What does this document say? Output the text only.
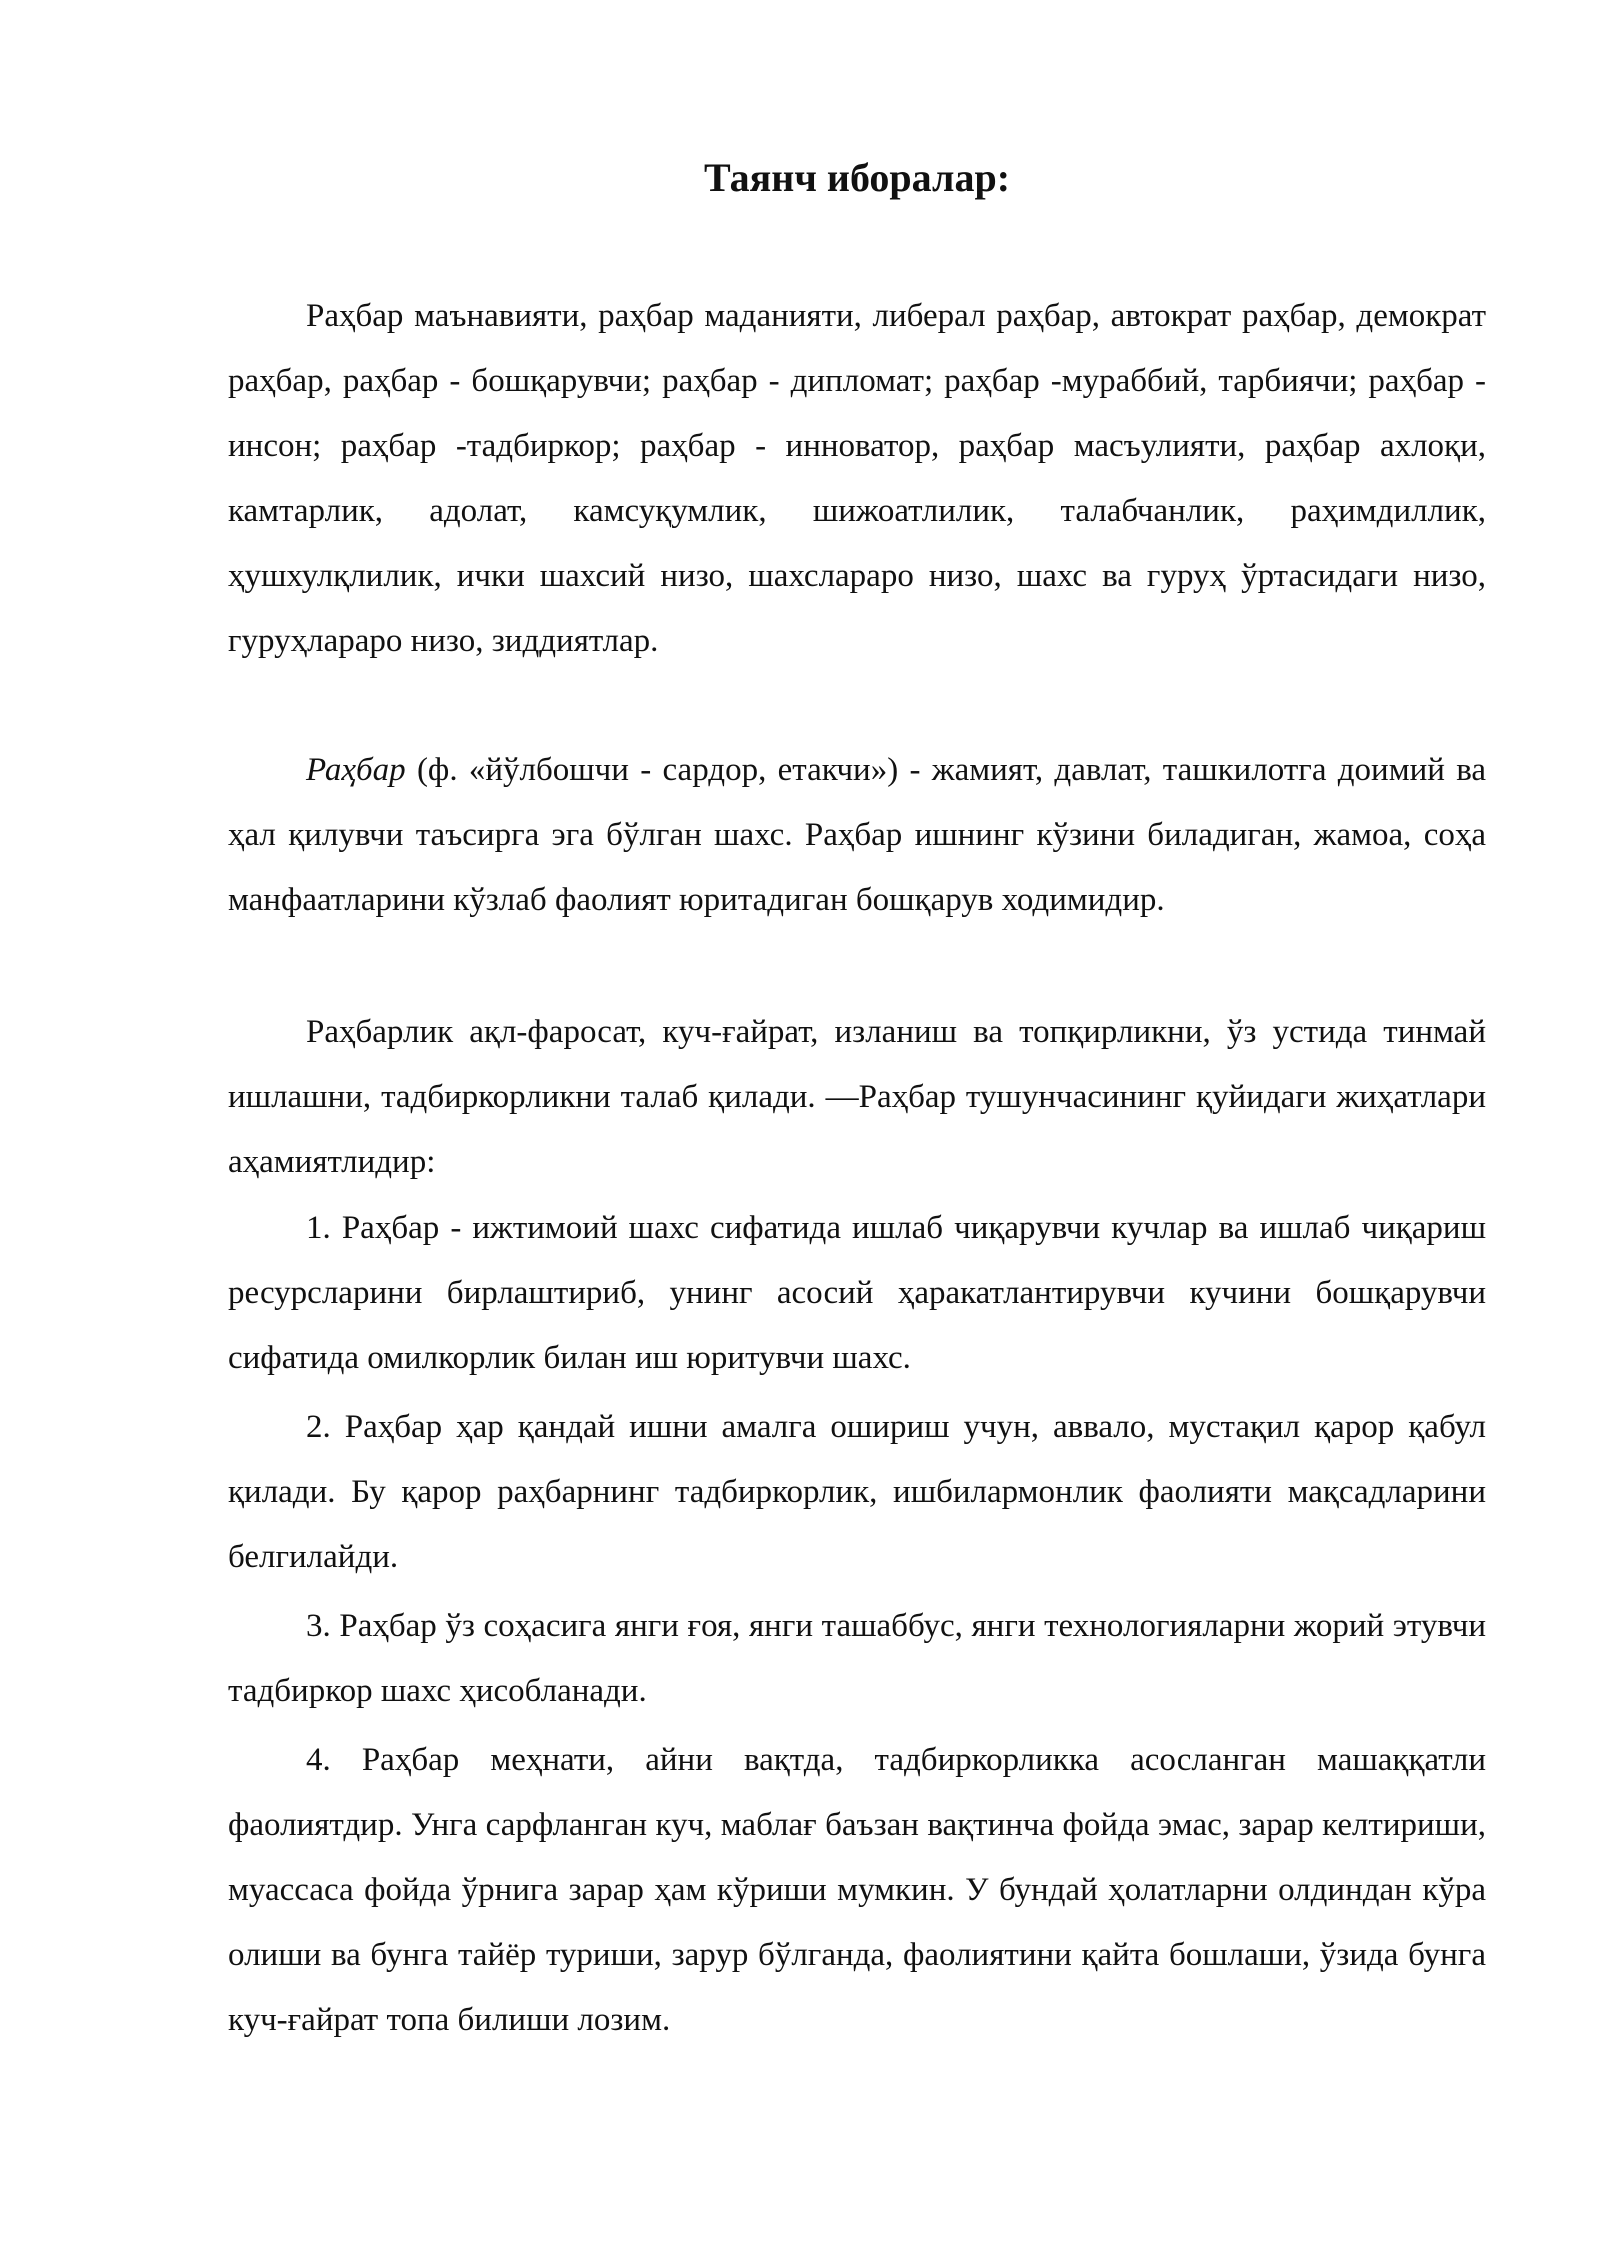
Таянч иборалар:

Раҳбар маънавияти, раҳбар маданияти, либерал раҳбар, автократ раҳбар, демократ раҳбар, раҳбар - бошқарувчи; раҳбар - дипломат; раҳбар -мураббий, тарбиячи; раҳбар - инсон; раҳбар -тадбиркор; раҳбар - инноватор, раҳбар масъулияти, раҳбар ахлоқи, камтарлик, адолат, камсуқумлик, шижоатлилик, талабчанлик, раҳимдиллик, ҳушхулқлилик, ички шахсий низо, шахслараро низо, шахс ва гуруҳ ўртасидаги низо, гуруҳлараро низо, зиддиятлар.

Раҳбар (ф. «йўлбошчи - сардор, етакчи») - жамият, давлат, ташкилотга доимий ва ҳал қилувчи таъсирга эга бўлган шахс. Раҳбар ишнинг кўзини биладиган, жамоа, соҳа манфаатларини кўзлаб фаолият юритадиган бошқарув ходимидир.

Раҳбарлик ақл-фаросат, куч-ғайрат, изланиш ва топқирликни, ўз устида тинмай ишлашни, тадбиркорликни талаб қилади. ―Раҳбар тушунчасининг қуйидаги жиҳатлари аҳамиятлидир:

1. Раҳбар - ижтимоий шахс сифатида ишлаб чиқарувчи кучлар ва ишлаб чиқариш ресурсларини бирлаштириб, унинг асосий ҳаракатлантирувчи кучини бошқарувчи сифатида омилкорлик билан иш юритувчи шахс.

2. Раҳбар ҳар қандай ишни амалга ошириш учун, аввало, мустақил қарор қабул қилади. Бу қарор раҳбарнинг тадбиркорлик, ишбилармонлик фаолияти мақсадларини белгилайди.

3. Раҳбар ўз соҳасига янги ғоя, янги ташаббус, янги технологияларни жорий этувчи тадбиркор шахс ҳисобланади.

4. Раҳбар меҳнати, айни вақтда, тадбиркорликка асосланган машаққатли фаолиятдир. Унга сарфланган куч, маблағ баъзан вақтинча фойда эмас, зарар келтириши, муассаса фойда ўрнига зарар ҳам кўриши мумкин. У бундай ҳолатларни олдиндан кўра олиши ва бунга тайёр туриши, зарур бўлганда, фаолиятини қайта бошлаши, ўзида бунга куч-ғайрат топа билиши лозим.
